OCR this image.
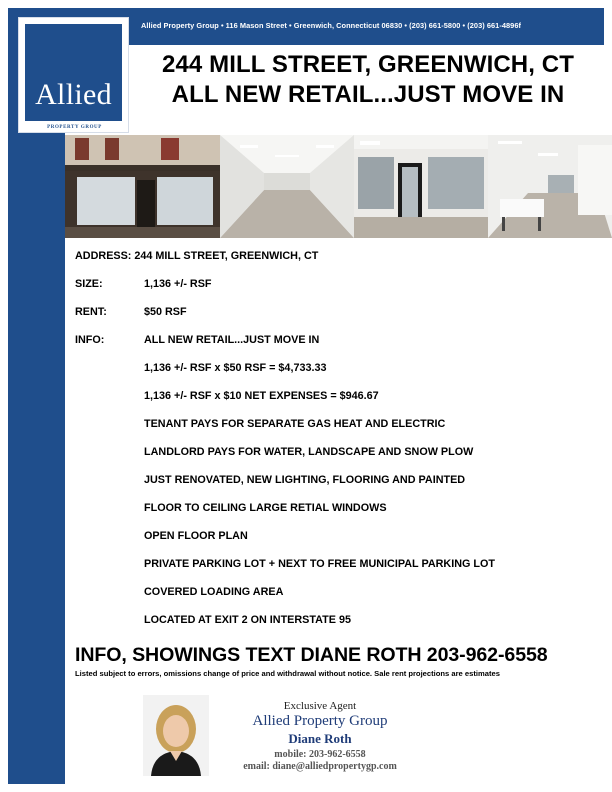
Allied Property Group • 116 Mason Street • Greenwich, Connecticut 06830 • (203) 661-5800 • (203) 661-4896f
Allied
PROPERTY GROUP
244 MILL STREET, GREENWICH, CT
ALL NEW RETAIL...JUST MOVE IN
ADDRESS: 244 MILL STREET, GREENWICH, CT
SIZE:	1,136 +/- RSF
RENT:	$50 RSF
INFO:	ALL NEW RETAIL...JUST MOVE IN
1,136 +/- RSF x $50 RSF = $4,733.33
1,136 +/- RSF x $10 NET EXPENSES = $946.67
TENANT PAYS FOR SEPARATE GAS HEAT AND ELECTRIC
LANDLORD PAYS FOR WATER, LANDSCAPE AND SNOW PLOW
JUST RENOVATED, NEW LIGHTING, FLOORING AND PAINTED
FLOOR TO CEILING LARGE RETIAL WINDOWS
OPEN FLOOR PLAN
PRIVATE PARKING LOT + NEXT TO FREE MUNICIPAL PARKING LOT
COVERED LOADING AREA
LOCATED AT EXIT 2 ON INTERSTATE 95
INFO, SHOWINGS TEXT DIANE ROTH 203-962-6558
Listed subject to errors, omissions change of price and withdrawal without notice. Sale rent projections are estimates
Exclusive Agent
Allied Property Group
Diane Roth
mobile: 203-962-6558
email: diane@alliedpropertygp.com
